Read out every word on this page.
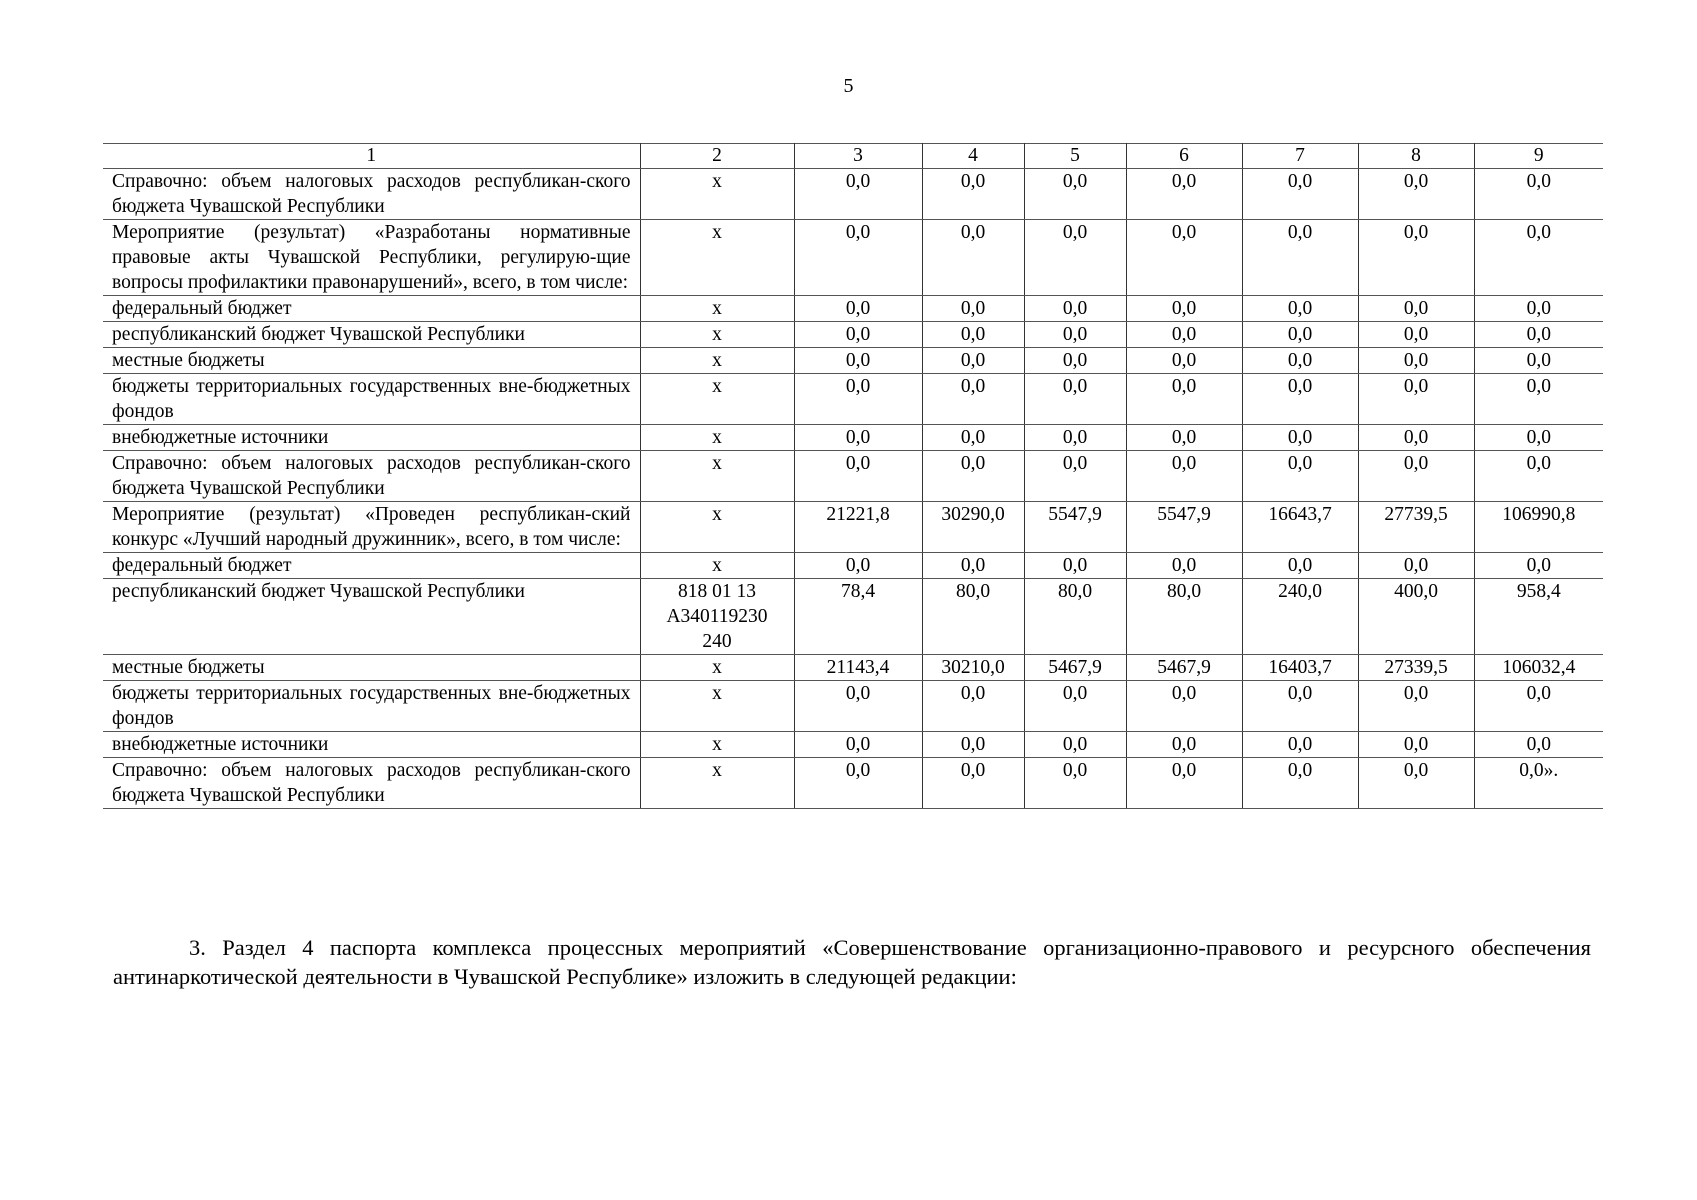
5
1	2	3	4	5	6	7	8	9
Справочно: объем налоговых расходов республикан-ского бюджета Чувашской Республики	x	0,0	0,0	0,0	0,0	0,0	0,0	0,0
Мероприятие (результат) «Разработаны нормативные правовые акты Чувашской Республики, регулирую-щие вопросы профилактики правонарушений», всего, в том числе:	x	0,0	0,0	0,0	0,0	0,0	0,0	0,0
федеральный бюджет	x	0,0	0,0	0,0	0,0	0,0	0,0	0,0
республиканский бюджет Чувашской Республики	x	0,0	0,0	0,0	0,0	0,0	0,0	0,0
местные бюджеты	x	0,0	0,0	0,0	0,0	0,0	0,0	0,0
бюджеты территориальных государственных вне-бюджетных фондов	x	0,0	0,0	0,0	0,0	0,0	0,0	0,0
внебюджетные источники	x	0,0	0,0	0,0	0,0	0,0	0,0	0,0
Справочно: объем налоговых расходов республикан-ского бюджета Чувашской Республики	x	0,0	0,0	0,0	0,0	0,0	0,0	0,0
Мероприятие (результат) «Проведен республикан-ский конкурс «Лучший народный дружинник», всего, в том числе:	x	21221,8	30290,0	5547,9	5547,9	16643,7	27739,5	106990,8
федеральный бюджет	x	0,0	0,0	0,0	0,0	0,0	0,0	0,0
республиканский бюджет Чувашской Республики	818 01 13 А340119230 240	78,4	80,0	80,0	80,0	240,0	400,0	958,4
местные бюджеты	x	21143,4	30210,0	5467,9	5467,9	16403,7	27339,5	106032,4
бюджеты территориальных государственных вне-бюджетных фондов	x	0,0	0,0	0,0	0,0	0,0	0,0	0,0
внебюджетные источники	x	0,0	0,0	0,0	0,0	0,0	0,0	0,0
Справочно: объем налоговых расходов республикан-ского бюджета Чувашской Республики	x	0,0	0,0	0,0	0,0	0,0	0,0	0,0».

3. Раздел 4 паспорта комплекса процессных мероприятий «Совершенствование организационно-правового и ресурсного обеспечения антинаркотической деятельности в Чувашской Республике» изложить в следующей редакции:
